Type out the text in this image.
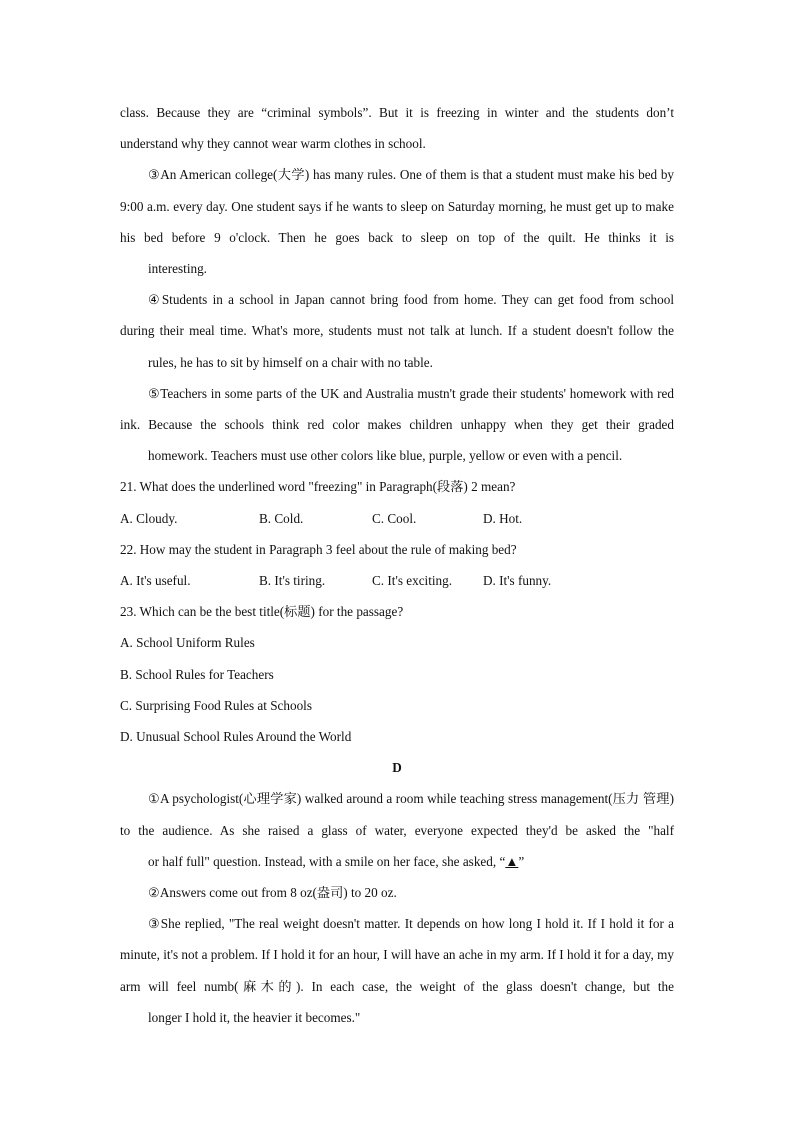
class. Because they are “criminal symbols”. But it is freezing in winter and the students don’t
understand why they cannot wear warm clothes in school.
③An American college(大学) has many rules. One of them is that a student must make his bed by 9:00 a.m. every day. One student says if he wants to sleep on Saturday morning, he must get up to make his bed before 9 o'clock. Then he goes back to sleep on top of the quilt. He thinks it is
interesting.
④Students in a school in Japan cannot bring food from home. They can get food from school during their meal time. What's more, students must not talk at lunch. If a student doesn't follow the
rules, he has to sit by himself on a chair with no table.
⑤Teachers in some parts of the UK and Australia mustn't grade their students' homework with red ink. Because the schools think red color makes children unhappy when they get their graded
homework. Teachers must use other colors like blue, purple, yellow or even with a pencil.
21. What does the underlined word "freezing" in Paragraph(段落) 2 mean?
A. Cloudy.	B. Cold.	C. Cool.	D. Hot.
22. How may the student in Paragraph 3 feel about the rule of making bed?
A. It's useful.	B. It's tiring.	C. It's exciting.	D. It's funny.
23. Which can be the best title(标题) for the passage?
A. School Uniform Rules
B. School Rules for Teachers
C. Surprising Food Rules at Schools
D. Unusual School Rules Around the World
D
①A psychologist(心理学家) walked around a room while teaching stress management(压力 管理) to the audience. As she raised a glass of water, everyone expected they'd be asked the "half
or half full" question. Instead, with a smile on her face, she asked, “▲”
②Answers come out from 8 oz(盎司) to 20 oz.
③She replied, "The real weight doesn't matter. It depends on how long I hold it. If I hold it for a minute, it's not a problem. If I hold it for an hour, I will have an ache in my arm. If I hold it for a day, my arm will feel numb(麻木的). In each case, the weight of the glass doesn't change, but the
longer I hold it, the heavier it becomes."
